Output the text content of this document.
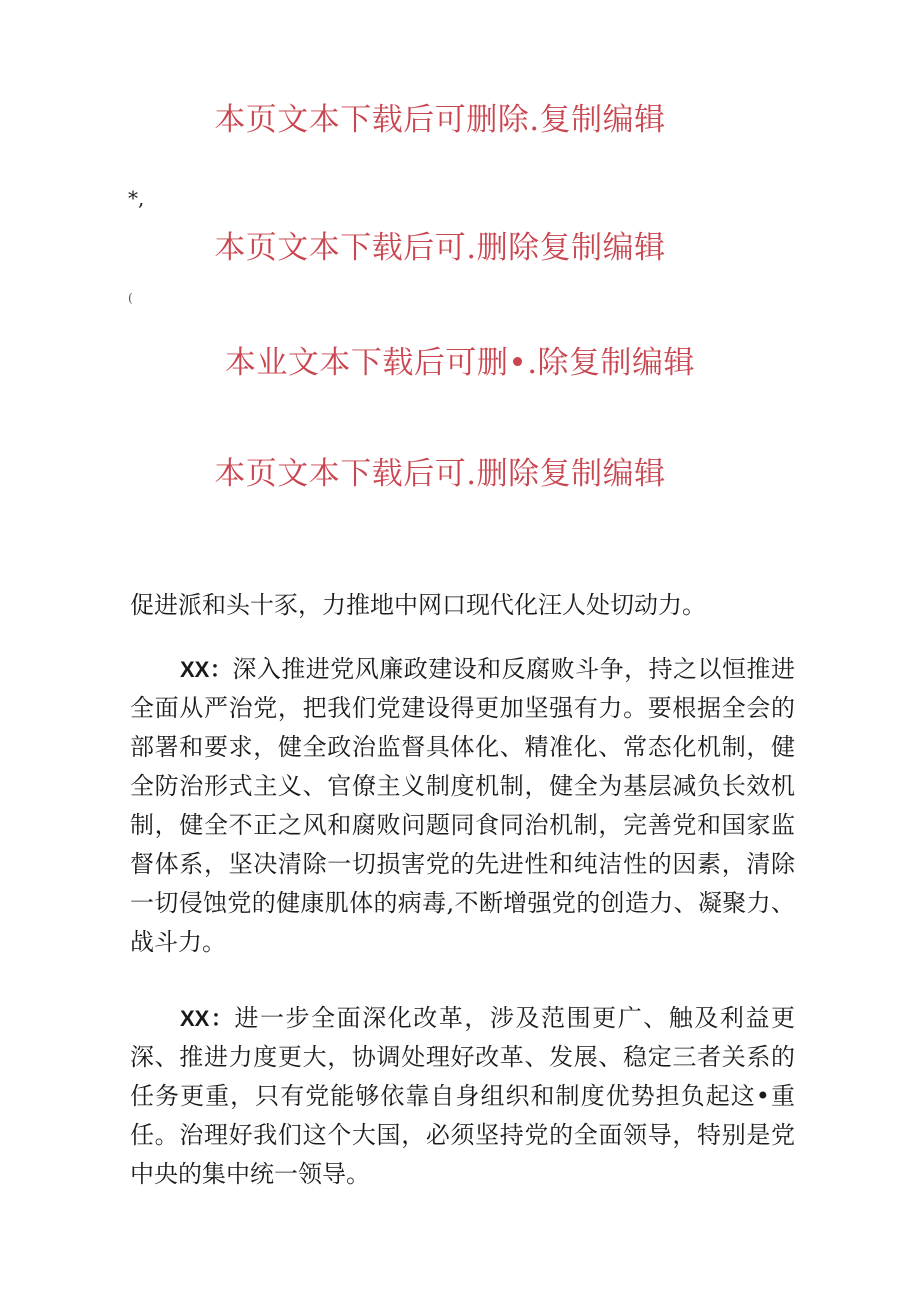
本页文本下载后可删除.复制编辑
*,
本页文本下载后可.删除复制编辑
(
本业文本下载后可删•.除复制编辑
本页文本下载后可.删除复制编辑
促进派和头十豕，力推地中网口现代化汪人处切动力。
XX：深入推进党风廉政建设和反腐败斗争，持之以恒推进全面从严治党，把我们党建设得更加坚强有力。要根据全会的部署和要求，健全政治监督具体化、精准化、常态化机制，健全防治形式主义、官僚主义制度机制，健全为基层减负长效机制，健全不正之风和腐败问题同食同治机制，完善党和国家监督体系，坚决清除一切损害党的先进性和纯洁性的因素，清除一切侵蚀党的健康肌体的病毒,不断增强党的创造力、凝聚力、战斗力。
XX：进一步全面深化改革，涉及范围更广、触及利益更深、推进力度更大，协调处理好改革、发展、稳定三者关系的任务更重，只有党能够依靠自身组织和制度优势担负起这•重任。治理好我们这个大国，必须坚持党的全面领导，特别是党中央的集中统一领导。
